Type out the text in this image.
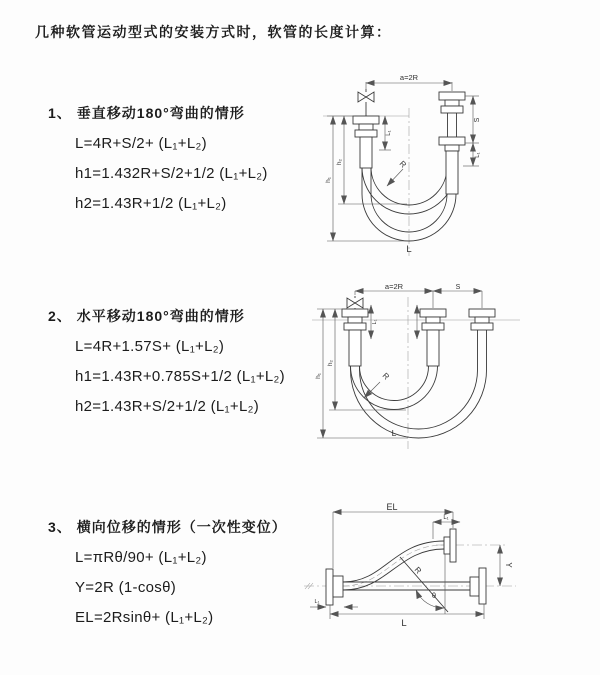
几种软管运动型式的安装方式时，软管的长度计算：
1、 垂直移动180°弯曲的情形
L=4R+S/2+ (L₁+L₂)
h1=1.432R+S/2+1/2 (L₁+L₂)
h2=1.43R+1/2 (L₁+L₂)
a=2R
h₁
h₂
L₁
S
L₁
R
L
2、 水平移动180°弯曲的情形
L=4R+1.57S+ (L₁+L₂)
h1=1.43R+0.785S+1/2 (L₁+L₂)
h2=1.43R+S/2+1/2 (L₁+L₂)
a=2R	S
h₁
h₂
L₁
R
L
3、 横向位移的情形（一次性变位）
L=πRθ/90+ (L₁+L₂)
Y=2R (1-cosθ)
EL=2Rsinθ+ (L₁+L₂)
EL
L₁
Y
θ
R
L
L₁
